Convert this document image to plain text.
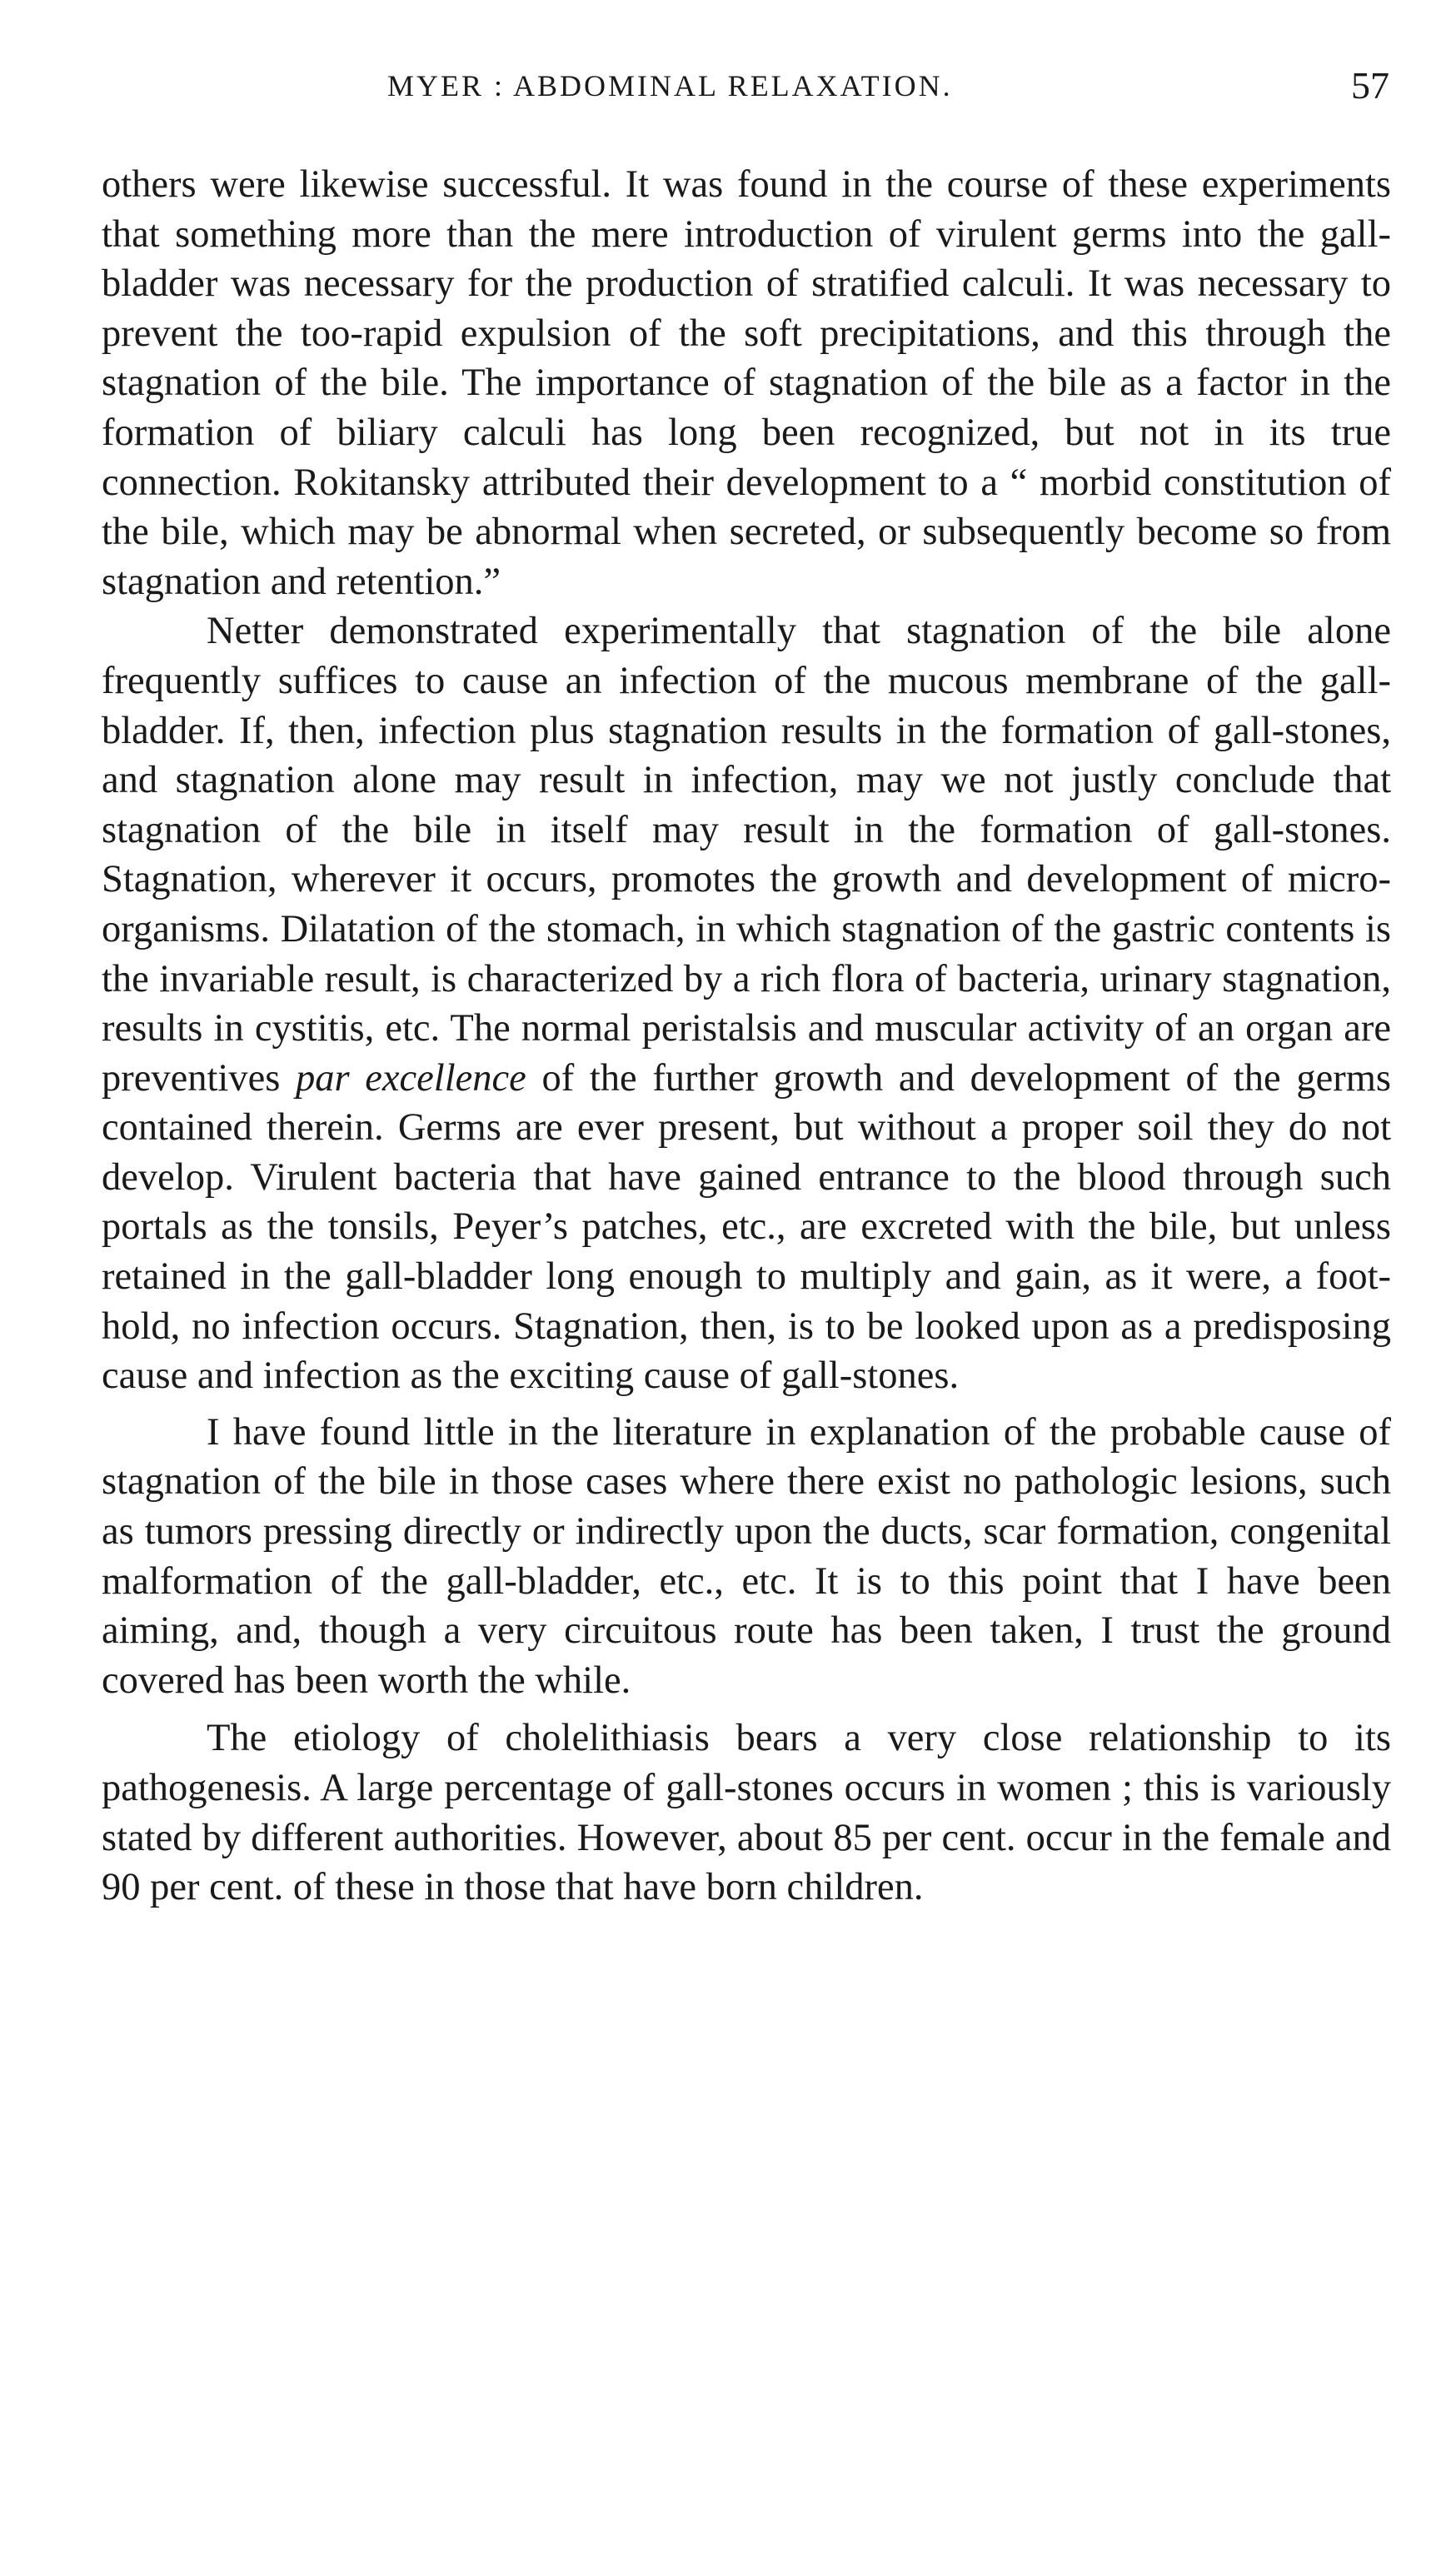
MYER : ABDOMINAL RELAXATION.	57

others were likewise successful. It was found in the course of these experiments that something more than the mere introduction of virulent germs into the gall-bladder was necessary for the production of stratified calculi. It was necessary to prevent the too-rapid expulsion of the soft precipitations, and this through the stagnation of the bile. The importance of stagnation of the bile as a factor in the formation of biliary calculi has long been recognized, but not in its true connection. Rokitansky attributed their development to a “ morbid constitution of the bile, which may be abnormal when secreted, or subsequently become so from stagnation and retention.”

Netter demonstrated experimentally that stagnation of the bile alone frequently suffices to cause an infection of the mucous membrane of the gall-bladder. If, then, infection plus stagnation results in the formation of gall-stones, and stagnation alone may result in infection, may we not justly conclude that stagnation of the bile in itself may result in the formation of gall-stones. Stagnation, wherever it occurs, promotes the growth and development of micro-organisms. Dilatation of the stomach, in which stagnation of the gastric contents is the invariable result, is characterized by a rich flora of bacteria, urinary stagnation, results in cystitis, etc. The normal peristalsis and muscular activity of an organ are preventives par excellence of the further growth and development of the germs contained therein. Germs are ever present, but without a proper soil they do not develop. Virulent bacteria that have gained entrance to the blood through such portals as the tonsils, Peyer’s patches, etc., are excreted with the bile, but unless retained in the gall-bladder long enough to multiply and gain, as it were, a foot-hold, no infection occurs. Stagnation, then, is to be looked upon as a predisposing cause and infection as the exciting cause of gall-stones.

I have found little in the literature in explanation of the probable cause of stagnation of the bile in those cases where there exist no pathologic lesions, such as tumors pressing directly or indirectly upon the ducts, scar formation, congenital malformation of the gall-bladder, etc., etc. It is to this point that I have been aiming, and, though a very circuitous route has been taken, I trust the ground covered has been worth the while.

The etiology of cholelithiasis bears a very close relationship to its pathogenesis. A large percentage of gall-stones occurs in women ; this is variously stated by different authorities. However, about 85 per cent. occur in the female and 90 per cent. of these in those that have born children.
